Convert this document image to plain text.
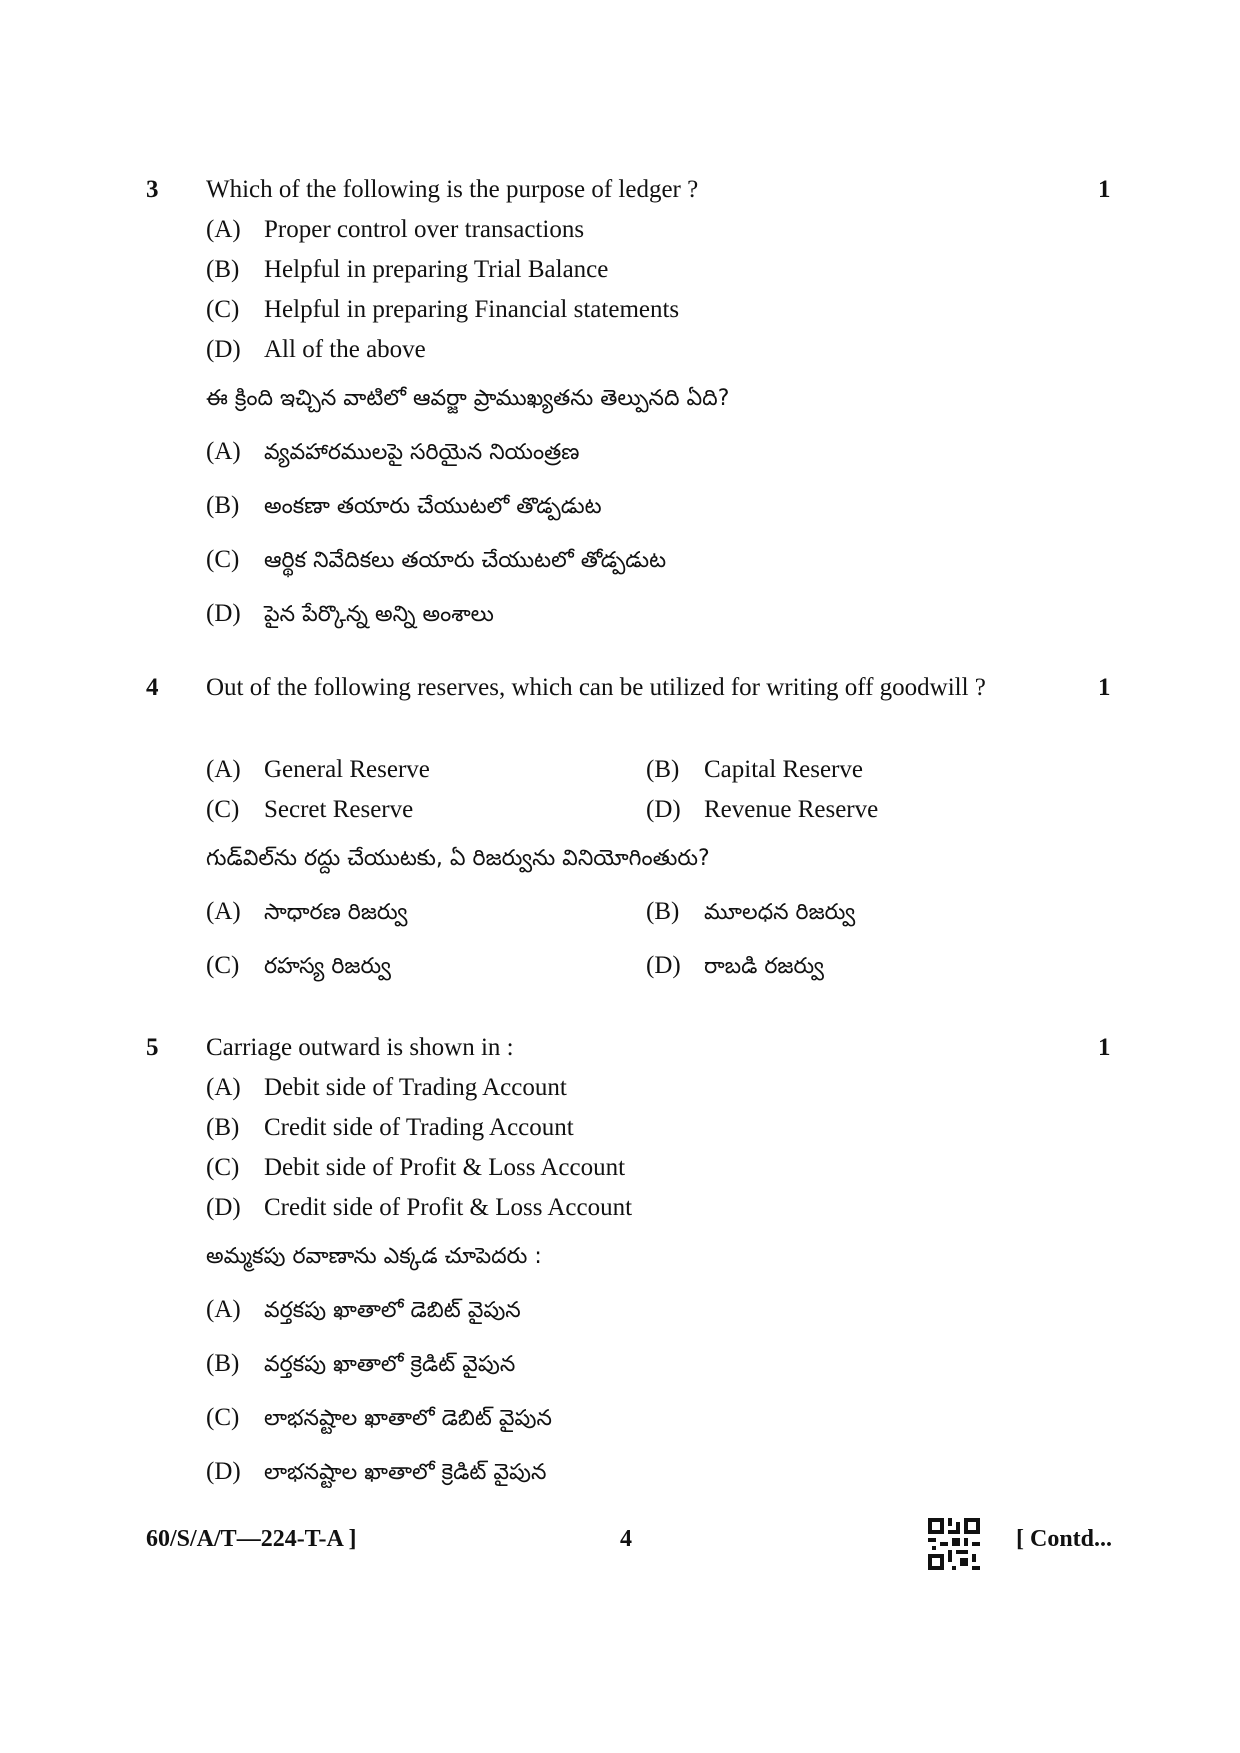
3 Which of the following is the purpose of ledger ?	1
(A) Proper control over transactions
(B) Helpful in preparing Trial Balance
(C) Helpful in preparing Financial statements
(D) All of the above
ఈ క్రింది ఇచ్చిన వాటిలో ఆవర్జా ప్రాముఖ్యతను తెల్పునది ఏది?
(A) వ్యవహారములపై సరియైన నియంత్రణ
(B) అంకణా తయారు చేయుటలో తొడ్పడుట
(C) ఆర్థిక నివేదికలు తయారు చేయుటలో తోడ్పడుట
(D) పైన పేర్కొన్న అన్ని అంశాలు
4 Out of the following reserves, which can be utilized for writing off goodwill ?	1
(A) General Reserve	(B) Capital Reserve
(C) Secret Reserve	(D) Revenue Reserve
గుడ్‌విల్‌ను రద్దు చేయుటకు, ఏ రిజర్వును వినియోగింతురు?
(A) సాధారణ రిజర్వు	(B) మూలధన రిజర్వు
(C) రహస్య రిజర్వు	(D) రాబడి రజర్వు
5 Carriage outward is shown in :	1
(A) Debit side of Trading Account
(B) Credit side of Trading Account
(C) Debit side of Profit & Loss Account
(D) Credit side of Profit & Loss Account
అమ్మకపు రవాణాను ఎక్కడ చూపెదరు :
(A) వర్తకపు ఖాతాలో డెబిట్ వైపున
(B) వర్తకపు ఖాతాలో క్రెడిట్ వైపున
(C) లాభనష్టాల ఖాతాలో డెబిట్ వైపున
(D) లాభనష్టాల ఖాతాలో క్రెడిట్ వైపున
60/S/A/T—224-T-A ]	4	[ Contd...
